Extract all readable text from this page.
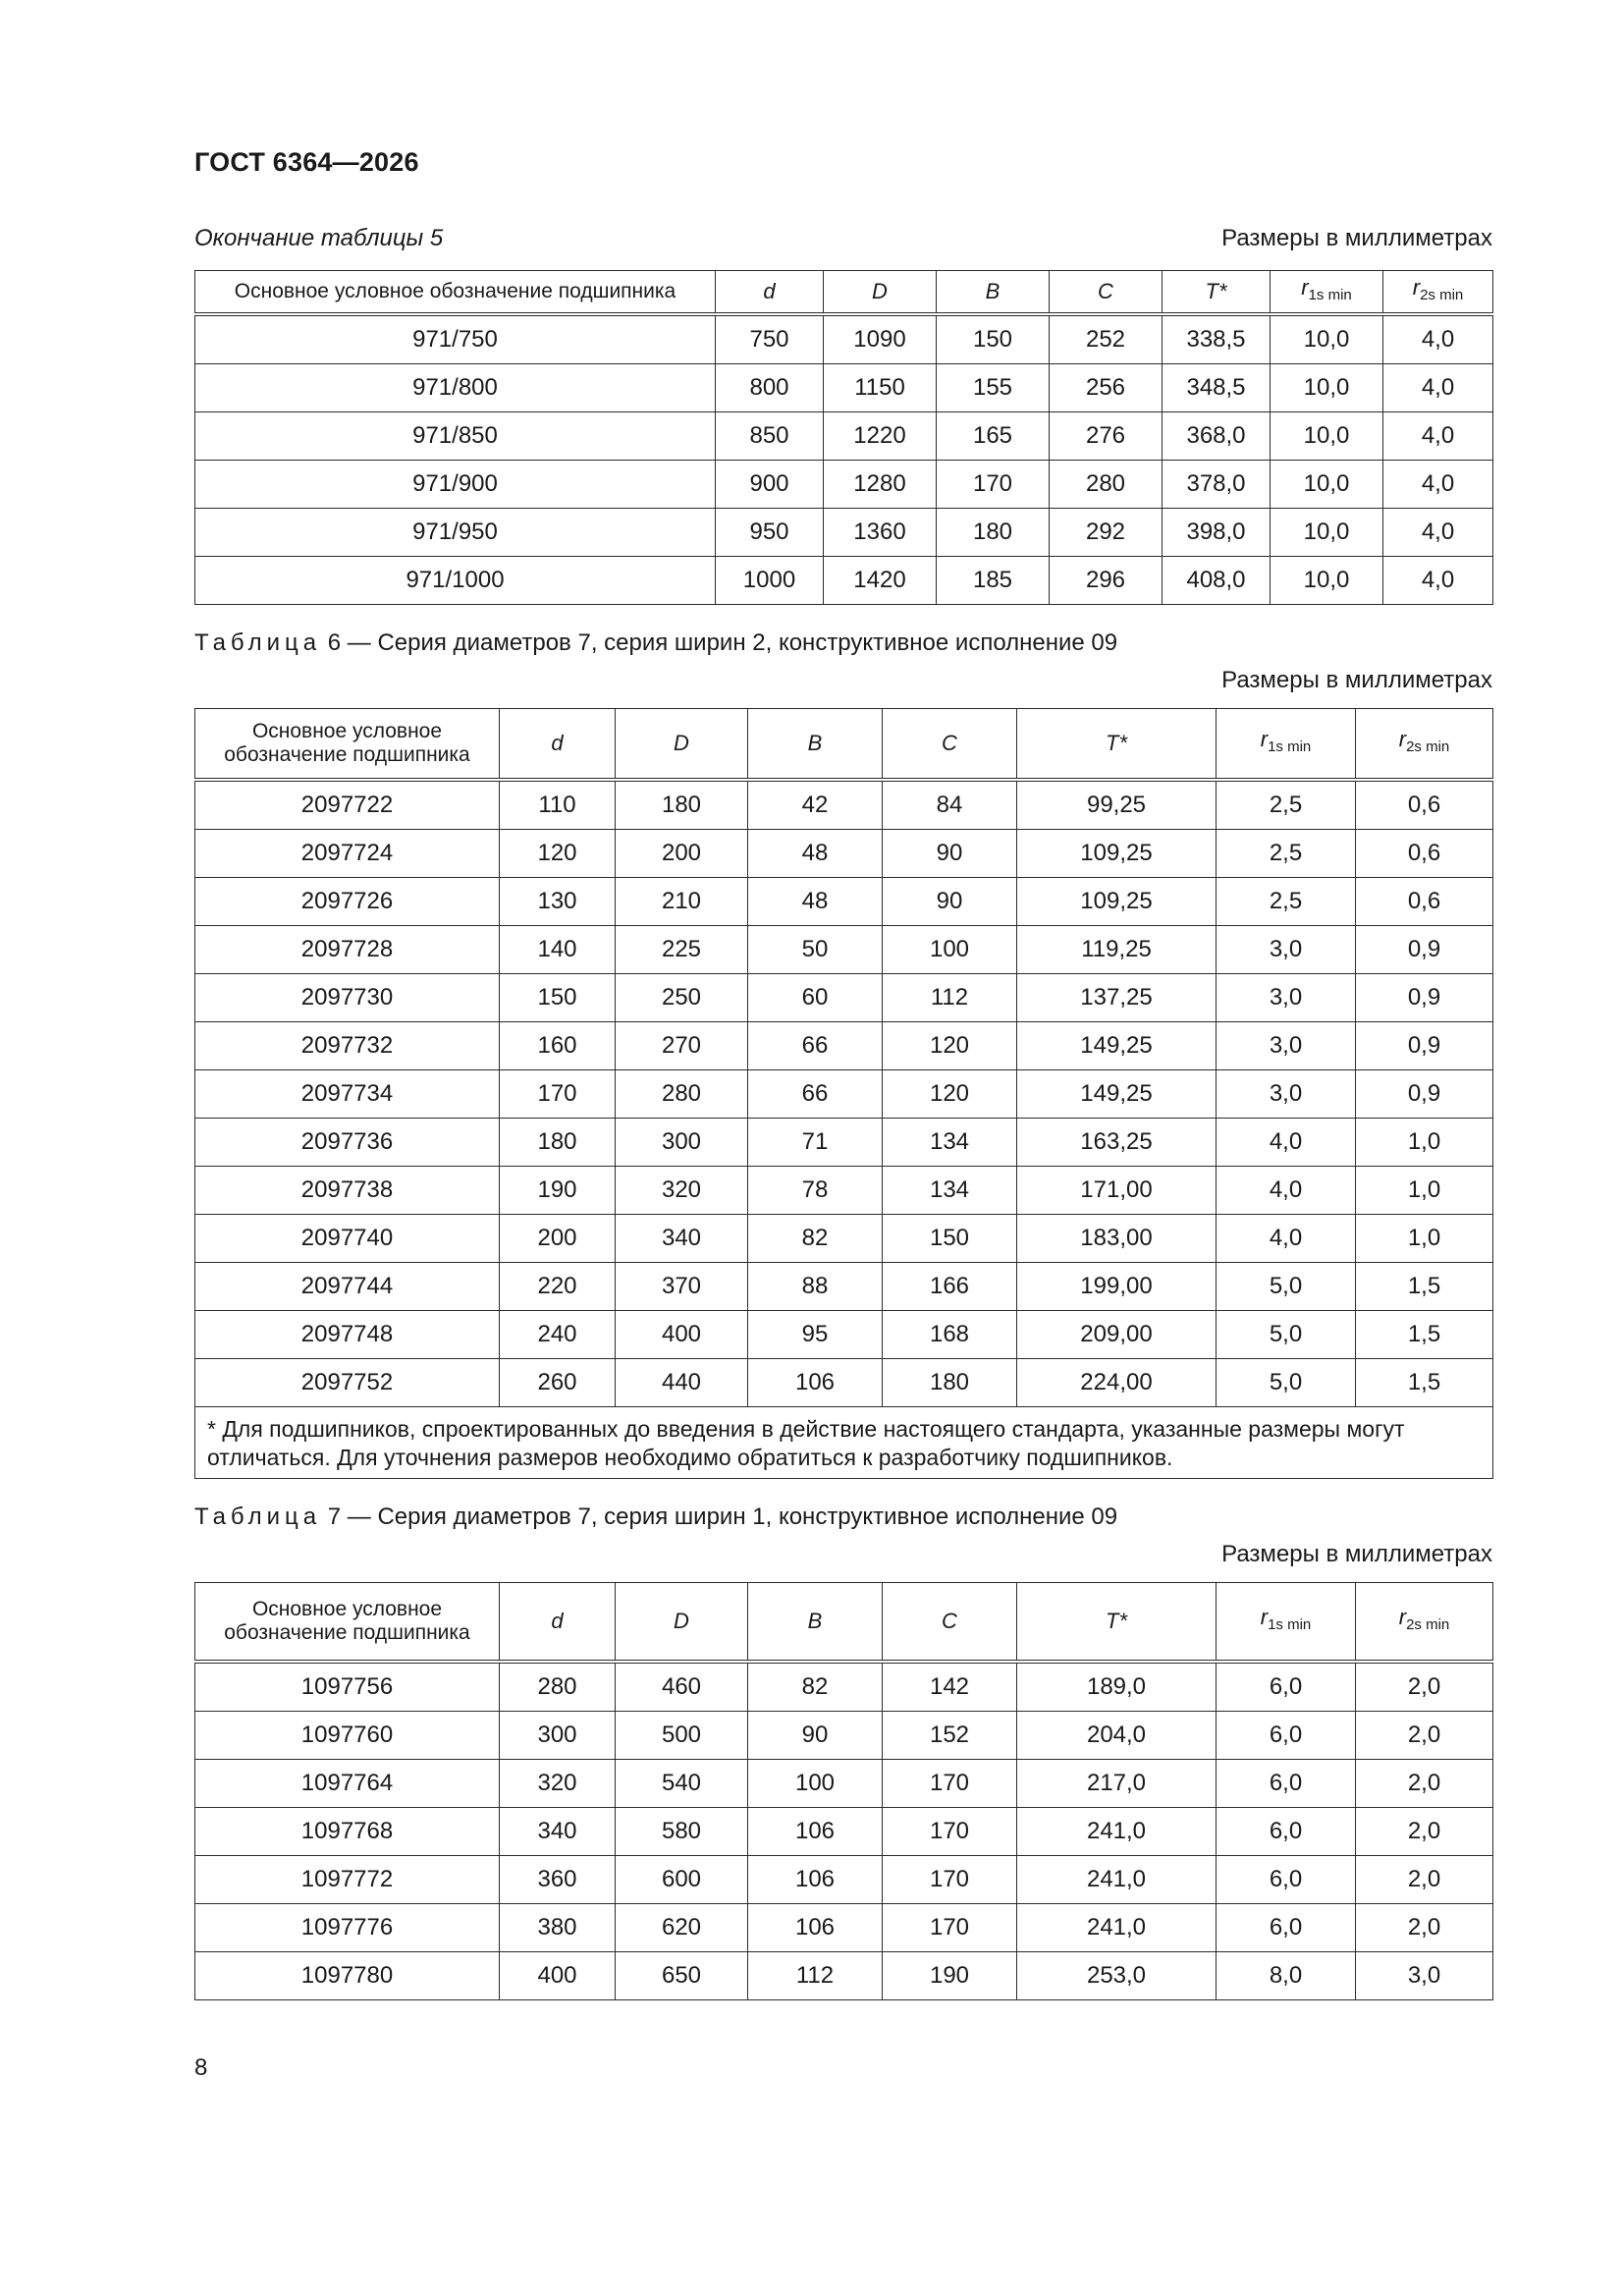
ГОСТ 6364—2026
Окончание таблицы 5	Размеры в миллиметрах
Основное условное обозначение подшипника	d	D	B	C	T*	$r_{1s min}$	$r_{2s min}$
971/750	750	1090	150	252	338,5	10,0	4,0
971/800	800	1150	155	256	348,5	10,0	4,0
971/850	850	1220	165	276	368,0	10,0	4,0
971/900	900	1280	170	280	378,0	10,0	4,0
971/950	950	1360	180	292	398,0	10,0	4,0
971/1000	1000	1420	185	296	408,0	10,0	4,0
Таблица 6 — Серия диаметров 7, серия ширин 2, конструктивное исполнение 09
Размеры в миллиметрах
Основное условное обозначение подшипника	d	D	B	C	T*	$r_{1s min}$	$r_{2s min}$
2097722	110	180	42	84	99,25	2,5	0,6
2097724	120	200	48	90	109,25	2,5	0,6
2097726	130	210	48	90	109,25	2,5	0,6
2097728	140	225	50	100	119,25	3,0	0,9
2097730	150	250	60	112	137,25	3,0	0,9
2097732	160	270	66	120	149,25	3,0	0,9
2097734	170	280	66	120	149,25	3,0	0,9
2097736	180	300	71	134	163,25	4,0	1,0
2097738	190	320	78	134	171,00	4,0	1,0
2097740	200	340	82	150	183,00	4,0	1,0
2097744	220	370	88	166	199,00	5,0	1,5
2097748	240	400	95	168	209,00	5,0	1,5
2097752	260	440	106	180	224,00	5,0	1,5
* Для подшипников, спроектированных до введения в действие настоящего стандарта, указанные размеры могут отличаться. Для уточнения размеров необходимо обратиться к разработчику подшипников.							
Таблица 7 — Серия диаметров 7, серия ширин 1, конструктивное исполнение 09
Размеры в миллиметрах
Основное условное обозначение подшипника	d	D	B	C	T*	$r_{1s min}$	$r_{2s min}$
1097756	280	460	82	142	189,0	6,0	2,0
1097760	300	500	90	152	204,0	6,0	2,0
1097764	320	540	100	170	217,0	6,0	2,0
1097768	340	580	106	170	241,0	6,0	2,0
1097772	360	600	106	170	241,0	6,0	2,0
1097776	380	620	106	170	241,0	6,0	2,0
1097780	400	650	112	190	253,0	8,0	3,0
8
